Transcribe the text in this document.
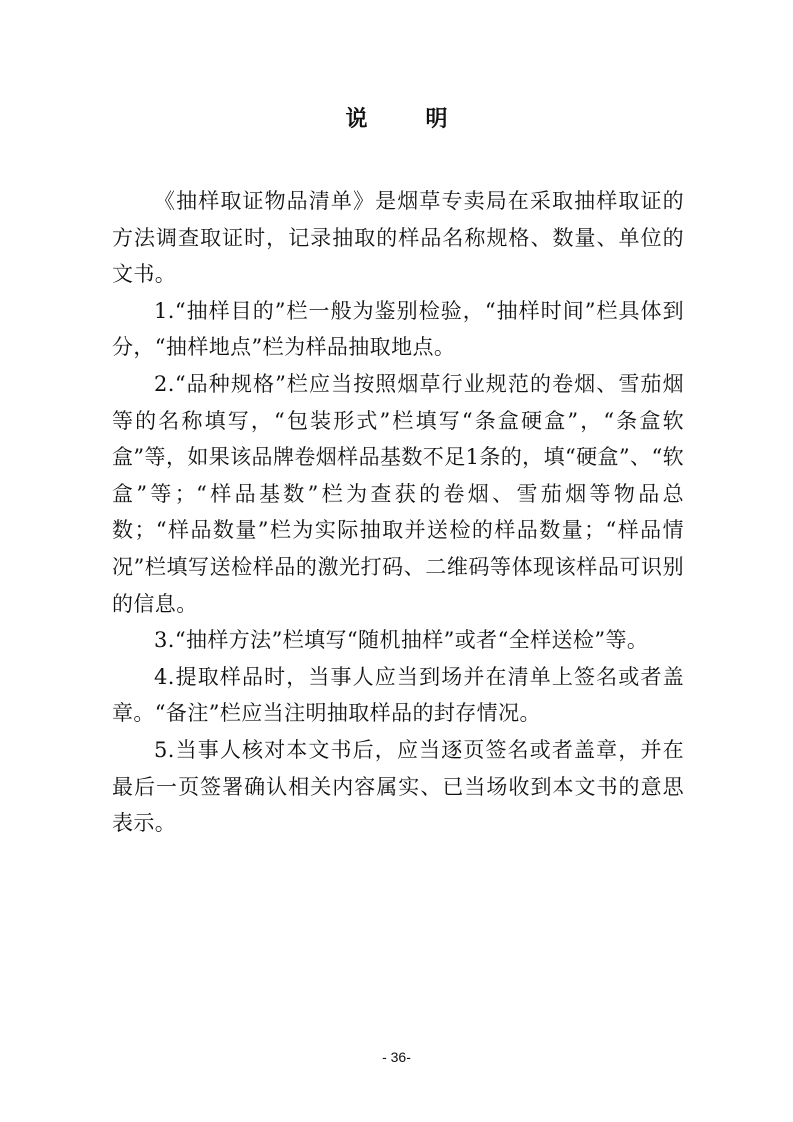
说　明

《抽样取证物品清单》是烟草专卖局在采取抽样取证的方法调查取证时，记录抽取的样品名称规格、数量、单位的文书。

1.“抽样目的”栏一般为鉴别检验，“抽样时间”栏具体到分，“抽样地点”栏为样品抽取地点。

2.“品种规格”栏应当按照烟草行业规范的卷烟、雪茄烟等的名称填写，“包装形式”栏填写“条盒硬盒”，“条盒软盒”等，如果该品牌卷烟样品基数不足1条的，填“硬盒”、“软盒”等；“样品基数”栏为查获的卷烟、雪茄烟等物品总数；“样品数量”栏为实际抽取并送检的样品数量；“样品情况”栏填写送检样品的激光打码、二维码等体现该样品可识别的信息。

3.“抽样方法”栏填写“随机抽样”或者“全样送检”等。

4.提取样品时，当事人应当到场并在清单上签名或者盖章。“备注”栏应当注明抽取样品的封存情况。

5.当事人核对本文书后，应当逐页签名或者盖章，并在最后一页签署确认相关内容属实、已当场收到本文书的意思表示。

- 36-
